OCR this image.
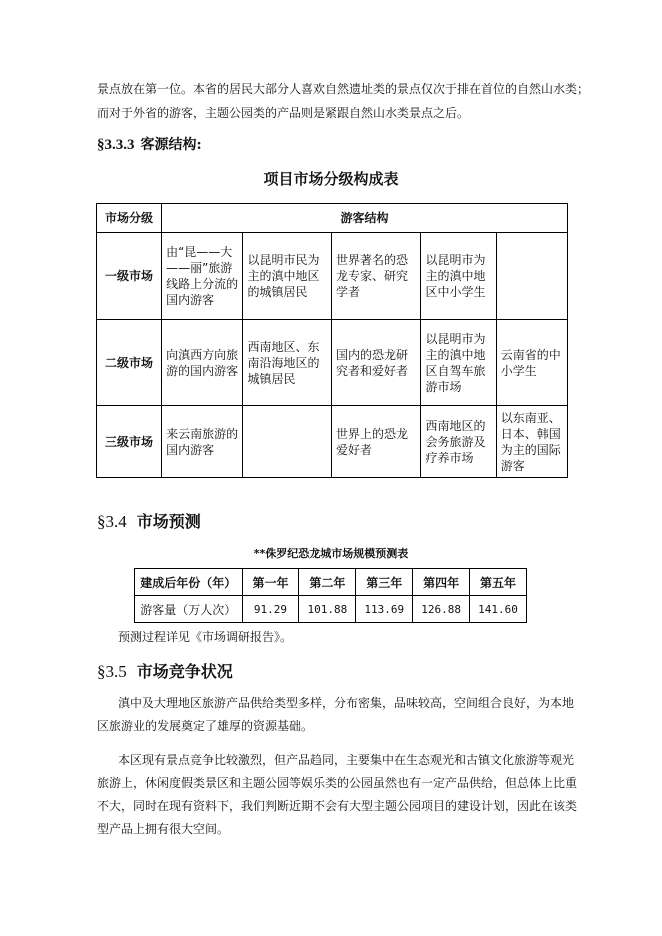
景点放在第一位。本省的居民大部分人喜欢自然遗址类的景点仅次于排在首位的自然山水类；

而对于外省的游客，主题公园类的产品则是紧跟自然山水类景点之后。

§3.3.3 客源结构:
项目市场分级构成表
市场分级	游客结构				
一级市场	由“昆——大——丽”旅游线路上分流的国内游客	以昆明市民为主的滇中地区的城镇居民	世界著名的恐龙专家、研究学者	以昆明市为主的滇中地区中小学生	
二级市场	向滇西方向旅游的国内游客	西南地区、东南沿海地区的城镇居民	国内的恐龙研究者和爱好者	以昆明市为主的滇中地区自驾车旅游市场	云南省的中小学生
三级市场	来云南旅游的国内游客		世界上的恐龙爱好者	西南地区的会务旅游及疗养市场	以东南亚、日本、韩国为主的国际游客
§3.4 市场预测
**侏罗纪恐龙城市场规模预测表
建成后年份（年）	第一年	第二年	第三年	第四年	第五年
游客量（万人次）	91.29	101.88	113.69	126.88	141.60

预测过程详见《市场调研报告》。

§3.5 市场竞争状况

滇中及大理地区旅游产品供给类型多样，分布密集，品味较高，空间组合良好，为本地

区旅游业的发展奠定了雄厚的资源基础。

本区现有景点竞争比较激烈，但产品趋同，主要集中在生态观光和古镇文化旅游等观光

旅游上，休闲度假类景区和主题公园等娱乐类的公园虽然也有一定产品供给，但总体上比重

不大，同时在现有资料下，我们判断近期不会有大型主题公园项目的建设计划，因此在该类

型产品上拥有很大空间。
